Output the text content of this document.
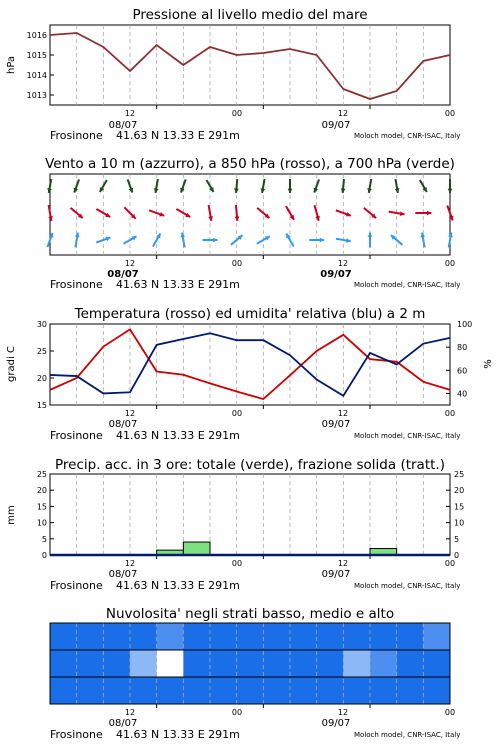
Pressione al livello medio del mare
1013
1014
1015
1016
hPa
12	00	12	00
08/07	09/07
Frosinone 41.63 N 13.33 E 291m	Moloch model, CNR-ISAC, Italy
Vento a 10 m (azzurro), a 850 hPa (rosso), a 700 hPa (verde)
12	00	12	00
08/07	09/07
Frosinone 41.63 N 13.33 E 291m	Moloch model, CNR-ISAC, Italy
Temperatura (rosso) ed umidita' relativa (blu) a 2 m
15
20
25
30
40
60
80
100
gradi C	%
12	00	12	00
08/07	09/07
Frosinone 41.63 N 13.33 E 291m	Moloch model, CNR-ISAC, Italy
Precip. acc. in 3 ore: totale (verde), frazione solida (tratt.)
0
5
10
15
20
25
0
5
10
15
20
25
mm
12	00	12	00
08/07	09/07
Frosinone 41.63 N 13.33 E 291m	Moloch model, CNR-ISAC, Italy
Nuvolosita' negli strati basso, medio e alto
12	00	12	00
08/07	09/07
Frosinone 41.63 N 13.33 E 291m	Moloch model, CNR-ISAC, Italy
